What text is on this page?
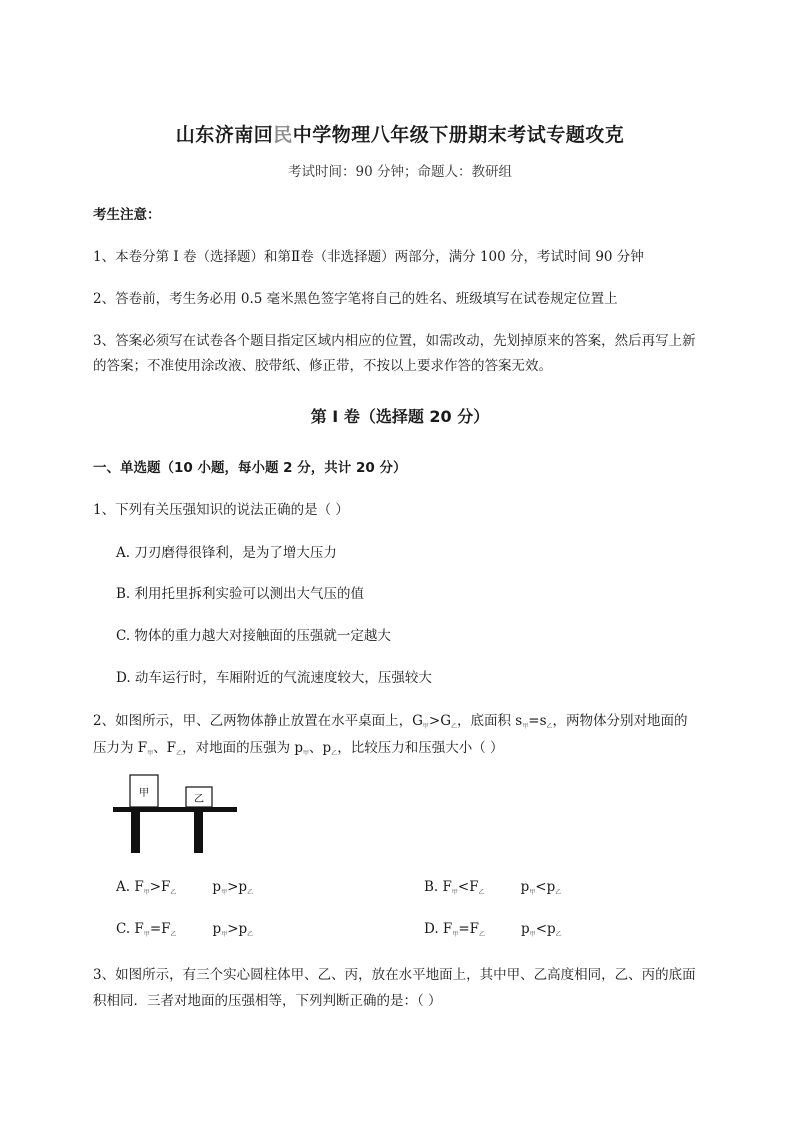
山东济南回民中学物理八年级下册期末考试专题攻克
考试时间：90 分钟；命题人：教研组
考生注意：
1、本卷分第 I 卷（选择题）和第Ⅱ卷（非选择题）两部分，满分 100 分，考试时间 90 分钟
2、答卷前，考生务必用 0.5 毫米黑色签字笔将自己的姓名、班级填写在试卷规定位置上
3、答案必须写在试卷各个题目指定区域内相应的位置，如需改动，先划掉原来的答案，然后再写上新
的答案；不准使用涂改液、胶带纸、修正带，不按以上要求作答的答案无效。
第 I 卷（选择题 20 分）
一、单选题（10 小题，每小题 2 分，共计 20 分）
1、下列有关压强知识的说法正确的是（ ）
A. 刀刃磨得很锋利，是为了增大压力
B. 利用托里拆利实验可以测出大气压的值
C. 物体的重力越大对接触面的压强就一定越大
D. 动车运行时，车厢附近的气流速度较大，压强较大
2、如图所示，甲、乙两物体静止放置在水平桌面上，$G_甲>G_乙$，底面积 $s_甲=s_乙$，两物体分别对地面的
压力为 $F_甲$、$F_乙$，对地面的压强为 $p_甲$、$p_乙$，比较压力和压强大小（ ）
甲
乙
A. $F_甲>F_乙$	$p_甲>p_乙$	B. $F_甲<F_乙$	$p_甲<p_乙$
C. $F_甲=F_乙$	$p_甲>p_乙$	D. $F_甲=F_乙$	$p_甲<p_乙$
3、如图所示，有三个实心圆柱体甲、乙、丙，放在水平地面上，其中甲、乙高度相同，乙、丙的底面
积相同．三者对地面的压强相等，下列判断正确的是：（ ）
